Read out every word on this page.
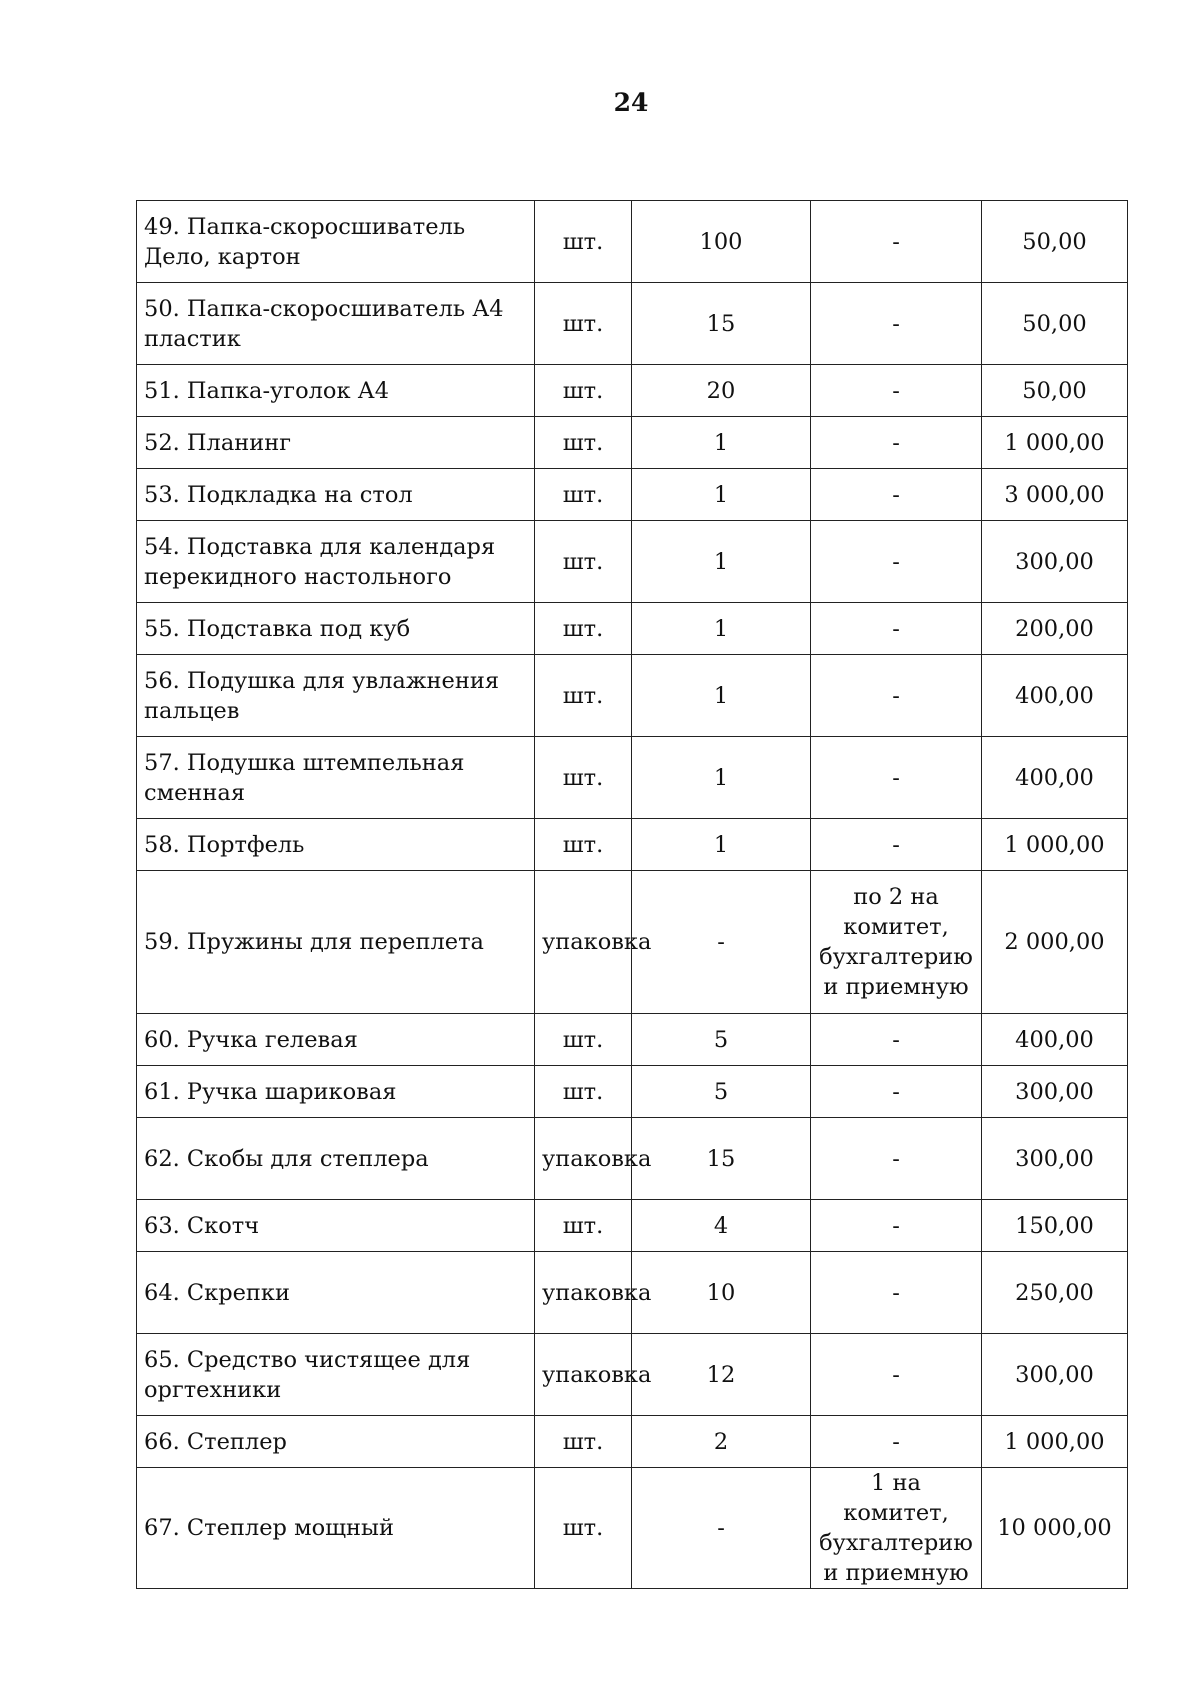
24
49. Папка-скоросшиватель Дело, картон	шт.	100	-	50,00
50. Папка-скоросшиватель А4 пластик	шт.	15	-	50,00
51. Папка-уголок А4	шт.	20	-	50,00
52. Планинг	шт.	1	-	1 000,00
53. Подкладка на стол	шт.	1	-	3 000,00
54. Подставка для календаря перекидного настольного	шт.	1	-	300,00
55. Подставка под куб	шт.	1	-	200,00
56. Подушка для увлажнения пальцев	шт.	1	-	400,00
57. Подушка штемпельная сменная	шт.	1	-	400,00
58. Портфель	шт.	1	-	1 000,00
59. Пружины для переплета	упаковка	-	по 2 на комитет, бухгалтерию и приемную	2 000,00
60. Ручка гелевая	шт.	5	-	400,00
61. Ручка шариковая	шт.	5	-	300,00
62. Скобы для степлера	упаковка	15	-	300,00
63. Скотч	шт.	4	-	150,00
64. Скрепки	упаковка	10	-	250,00
65. Средство чистящее для оргтехники	упаковка	12	-	300,00
66. Степлер	шт.	2	-	1 000,00
67. Степлер мощный	шт.	-	1 на комитет, бухгалтерию и приемную	10 000,00
